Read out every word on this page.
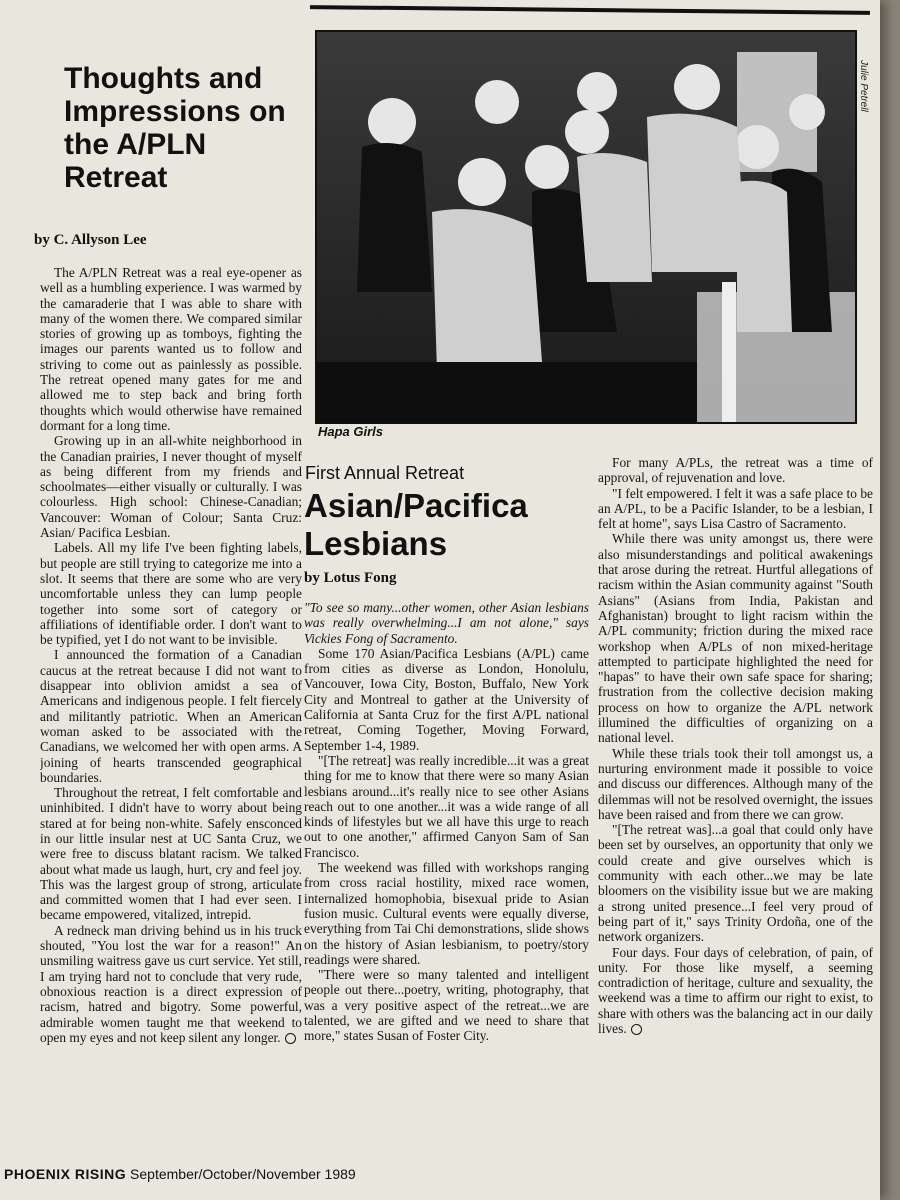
Thoughts and Impressions on the A/PLN Retreat
by C. Allyson Lee

The A/PLN Retreat was a real eye-opener as well as a humbling experience. I was warmed by the camaraderie that I was able to share with many of the women there. We compared similar stories of growing up as tomboys, fighting the images our parents wanted us to follow and striving to come out as painlessly as possible. The retreat opened many gates for me and allowed me to step back and bring forth thoughts which would otherwise have remained dormant for a long time.

Growing up in an all-white neighborhood in the Canadian prairies, I never thought of myself as being different from my friends and schoolmates—either visually or culturally. I was colourless. High school: Chinese-Canadian; Vancouver: Woman of Colour; Santa Cruz: Asian/ Pacifica Lesbian.

Labels. All my life I've been fighting labels, but people are still trying to categorize me into a slot. It seems that there are some who are very uncomfortable unless they can lump people together into some sort of category or affiliations of identifiable order. I don't want to be typified, yet I do not want to be invisible.

I announced the formation of a Canadian caucus at the retreat because I did not want to disappear into oblivion amidst a sea of Americans and indigenous people. I felt fiercely and militantly patriotic. When an American woman asked to be associated with the Canadians, we welcomed her with open arms. A joining of hearts transcended geographical boundaries.

Throughout the retreat, I felt comfortable and uninhibited. I didn't have to worry about being stared at for being non-white. Safely ensconced in our little insular nest at UC Santa Cruz, we were free to discuss blatant racism. We talked about what made us laugh, hurt, cry and feel joy. This was the largest group of strong, articulate and committed women that I had ever seen. I became empowered, vitalized, intrepid.

A redneck man driving behind us in his truck shouted, "You lost the war for a reason!" An unsmiling waitress gave us curt service. Yet still, I am trying hard not to conclude that very rude, obnoxious reaction is a direct expression of racism, hatred and bigotry. Some powerful, admirable women taught me that weekend to open my eyes and not keep silent any longer.

Julie Petrell
Hapa Girls
First Annual Retreat
Asian/Pacifica Lesbians
by Lotus Fong

"To see so many...other women, other Asian lesbians was really overwhelming...I am not alone," says Vickies Fong of Sacramento.

Some 170 Asian/Pacifica Lesbians (A/PL) came from cities as diverse as London, Honolulu, Vancouver, Iowa City, Boston, Buffalo, New York City and Montreal to gather at the University of California at Santa Cruz for the first A/PL national retreat, Coming Together, Moving Forward, September 1-4, 1989.

"[The retreat] was really incredible...it was a great thing for me to know that there were so many Asian lesbians around...it's really nice to see other Asians reach out to one another...it was a wide range of all kinds of lifestyles but we all have this urge to reach out to one another," affirmed Canyon Sam of San Francisco.

The weekend was filled with workshops ranging from cross racial hostility, mixed race women, internalized homophobia, bisexual pride to Asian fusion music. Cultural events were equally diverse, everything from Tai Chi demonstrations, slide shows on the history of Asian lesbianism, to poetry/story readings were shared.

"There were so many talented and intelligent people out there...poetry, writing, photography, that was a very positive aspect of the retreat...we are talented, we are gifted and we need to share that more," states Susan of Foster City.

For many A/PLs, the retreat was a time of approval, of rejuvenation and love.

"I felt empowered. I felt it was a safe place to be an A/PL, to be a Pacific Islander, to be a lesbian, I felt at home", says Lisa Castro of Sacramento.

While there was unity amongst us, there were also misunderstandings and political awakenings that arose during the retreat. Hurtful allegations of racism within the Asian community against "South Asians" (Asians from India, Pakistan and Afghanistan) brought to light racism within the A/PL community; friction during the mixed race workshop when A/PLs of non mixed-heritage attempted to participate highlighted the need for "hapas" to have their own safe space for sharing; frustration from the collective decision making process on how to organize the A/PL network illumined the difficulties of organizing on a national level.

While these trials took their toll amongst us, a nurturing environment made it possible to voice and discuss our differences. Although many of the dilemmas will not be resolved overnight, the issues have been raised and from there we can grow.

"[The retreat was]...a goal that could only have been set by ourselves, an opportunity that only we could create and give ourselves which is community with each other...we may be late bloomers on the visibility issue but we are making a strong united presence...I feel very proud of being part of it," says Trinity Ordoña, one of the network organizers.

Four days. Four days of celebration, of pain, of unity. For those like myself, a seeming contradiction of heritage, culture and sexuality, the weekend was a time to affirm our right to exist, to share with others was the balancing act in our daily lives.

PHOENIX RISING September/October/November 1989
